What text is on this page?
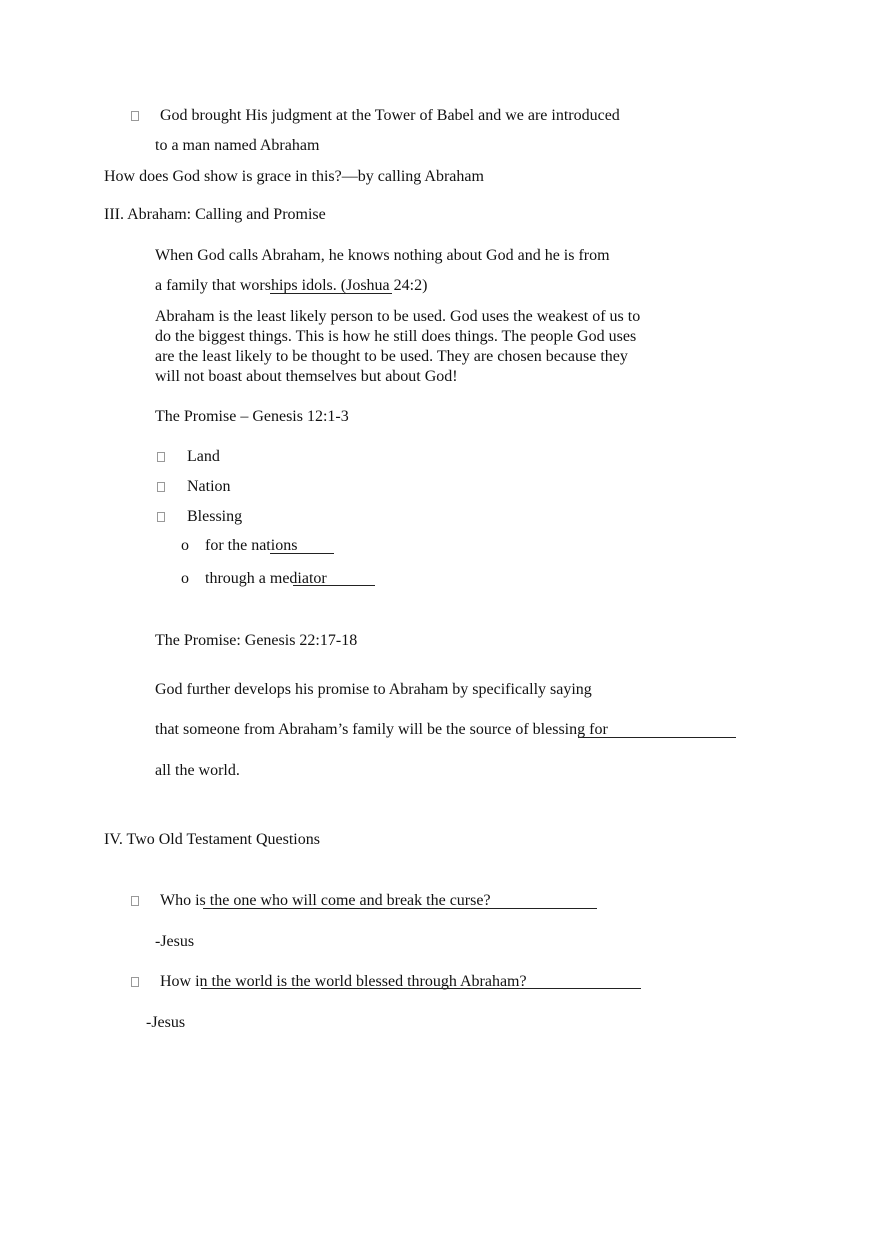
God brought His judgment at the Tower of Babel and we are introduced
to a man named Abraham
How does God show is grace in this?—by calling Abraham
III. Abraham: Calling and Promise
When God calls Abraham, he knows nothing about God and he is from
a family that worships idols. (Joshua 24:2)
Abraham is the least likely person to be used. God uses the weakest of us to do the biggest things. This is how he still does things. The people God uses are the least likely to be thought to be used. They are chosen because they will not boast about themselves but about God!
The Promise – Genesis 12:1-3
Land
Nation
Blessing
o for the nations
o through a mediator
The Promise: Genesis 22:17-18
God further develops his promise to Abraham by specifically saying
that someone from Abraham’s family will be the source of blessing for
all the world.
IV. Two Old Testament Questions
Who is the one who will come and break the curse?
-Jesus
How in the world is the world blessed through Abraham?
-Jesus
